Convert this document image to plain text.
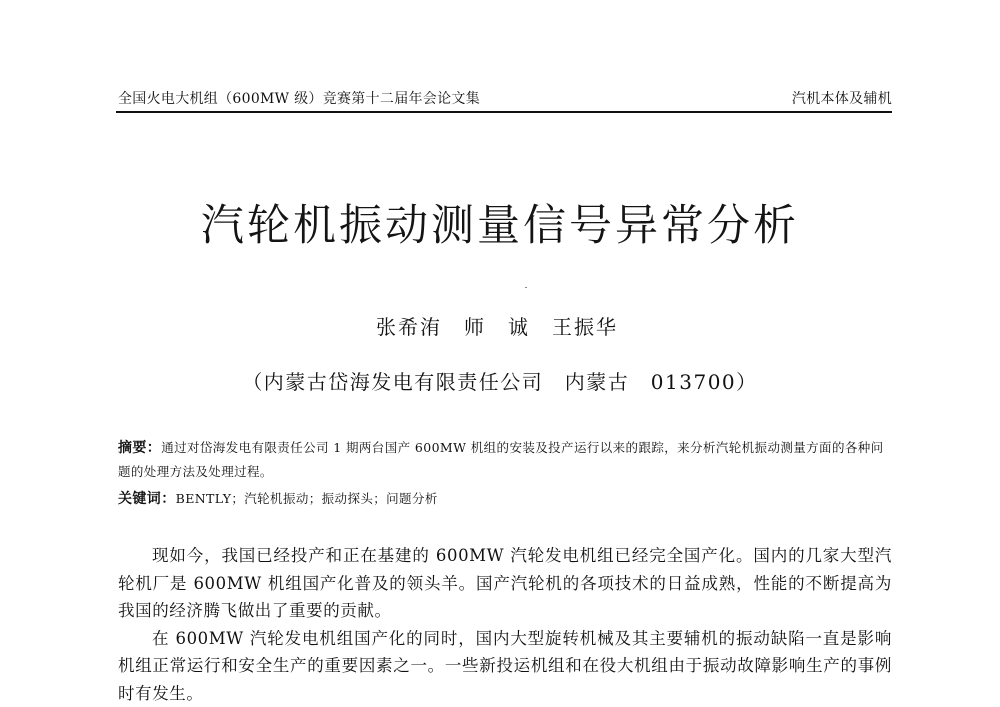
全国火电大机组（600MW 级）竞赛第十二届年会论文集	汽机本体及辅机
汽轮机振动测量信号异常分析
张希洧 师　诚 王振华
（内蒙古岱海发电有限责任公司　内蒙古　013700）
摘要：通过对岱海发电有限责任公司 1 期两台国产 600MW 机组的安装及投产运行以来的跟踪，来分析汽轮机振动测量方面的各种问题的处理方法及处理过程。
关键词：BENTLY；汽轮机振动；振动探头；问题分析

现如今，我国已经投产和正在基建的 600MW 汽轮发电机组已经完全国产化。国内的几家大型汽轮机厂是 600MW 机组国产化普及的领头羊。国产汽轮机的各项技术的日益成熟，性能的不断提高为我国的经济腾飞做出了重要的贡献。

在 600MW 汽轮发电机组国产化的同时，国内大型旋转机械及其主要辅机的振动缺陷一直是影响机组正常运行和安全生产的重要因素之一。一些新投运机组和在役大机组由于振动故障影响生产的事例时有发生。
